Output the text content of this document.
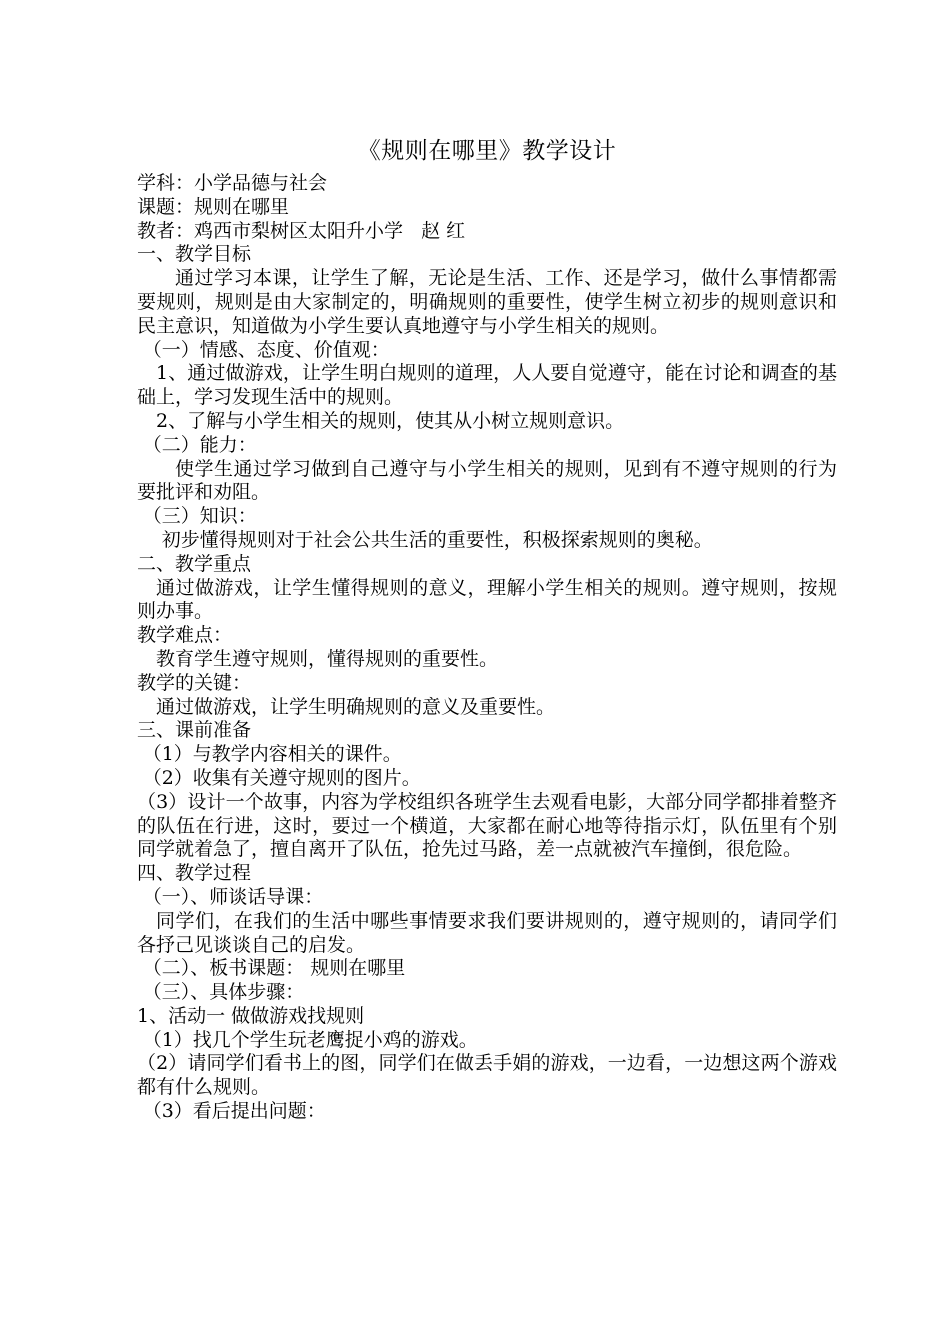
《规则在哪里》教学设计

学科：小学品德与社会

课题：规则在哪里

教者：鸡西市梨树区太阳升小学   赵 红

一、教学目标

通过学习本课，让学生了解，无论是生活、工作、还是学习，做什么事情都需要规则，规则是由大家制定的，明确规则的重要性，使学生树立初步的规则意识和民主意识，知道做为小学生要认真地遵守与小学生相关的规则。

（一）情感、态度、价值观：

1、通过做游戏，让学生明白规则的道理，人人要自觉遵守，能在讨论和调查的基础上，学习发现生活中的规则。

2、了解与小学生相关的规则，使其从小树立规则意识。

（二）能力：

使学生通过学习做到自己遵守与小学生相关的规则，见到有不遵守规则的行为要批评和劝阻。

（三）知识：

初步懂得规则对于社会公共生活的重要性，积极探索规则的奥秘。

二、教学重点

通过做游戏，让学生懂得规则的意义，理解小学生相关的规则。遵守规则，按规则办事。

教学难点：

教育学生遵守规则，懂得规则的重要性。

教学的关键：

通过做游戏，让学生明确规则的意义及重要性。

三、课前准备

（1）与教学内容相关的课件。

（2）收集有关遵守规则的图片。

（3）设计一个故事，内容为学校组织各班学生去观看电影，大部分同学都排着整齐的队伍在行进，这时，要过一个横道，大家都在耐心地等待指示灯，队伍里有个别同学就着急了，擅自离开了队伍，抢先过马路，差一点就被汽车撞倒，很危险。

四、教学过程

（一）、师谈话导课：

同学们，在我们的生活中哪些事情要求我们要讲规则的，遵守规则的，请同学们各抒己见谈谈自己的启发。

（二）、板书课题： 规则在哪里

（三）、具体步骤：

1、活动一 做做游戏找规则

（1）找几个学生玩老鹰捉小鸡的游戏。

（2）请同学们看书上的图，同学们在做丢手娟的游戏，一边看，一边想这两个游戏都有什么规则。

（3）看后提出问题：
